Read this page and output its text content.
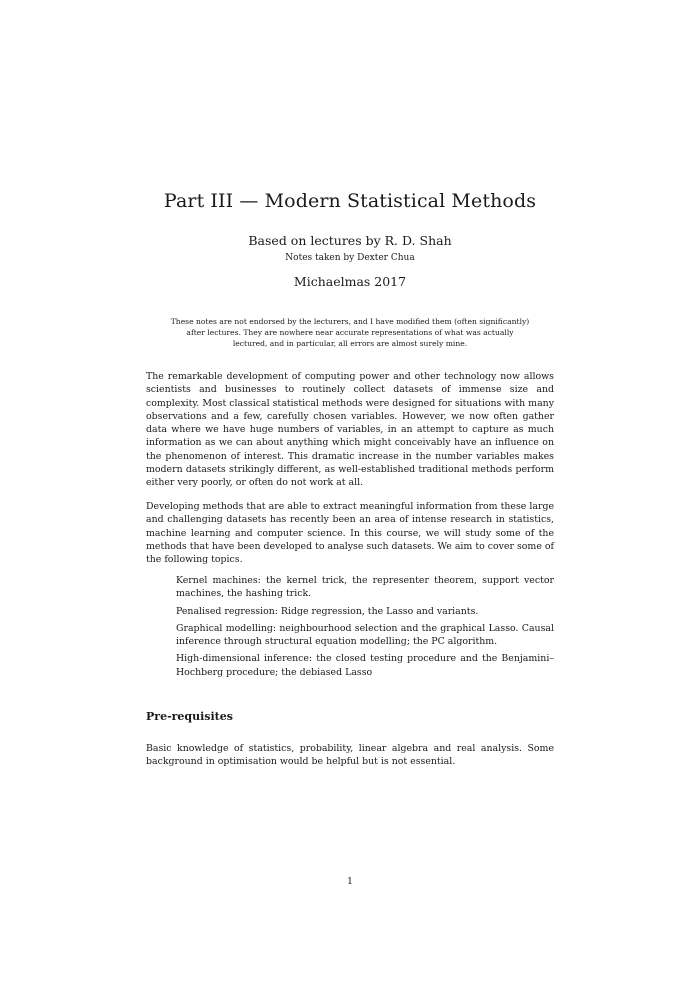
Part III — Modern Statistical Methods
Based on lectures by R. D. Shah
Notes taken by Dexter Chua
Michaelmas 2017
These notes are not endorsed by the lecturers, and I have modified them (often significantly) after lectures. They are nowhere near accurate representations of what was actually lectured, and in particular, all errors are almost surely mine.
The remarkable development of computing power and other technology now allows scientists and businesses to routinely collect datasets of immense size and complexity. Most classical statistical methods were designed for situations with many observations and a few, carefully chosen variables. However, we now often gather data where we have huge numbers of variables, in an attempt to capture as much information as we can about anything which might conceivably have an influence on the phenomenon of interest. This dramatic increase in the number variables makes modern datasets strikingly different, as well-established traditional methods perform either very poorly, or often do not work at all.
Developing methods that are able to extract meaningful information from these large and challenging datasets has recently been an area of intense research in statistics, machine learning and computer science. In this course, we will study some of the methods that have been developed to analyse such datasets. We aim to cover some of the following topics.
Kernel machines: the kernel trick, the representer theorem, support vector machines, the hashing trick.
Penalised regression: Ridge regression, the Lasso and variants.
Graphical modelling: neighbourhood selection and the graphical Lasso. Causal inference through structural equation modelling; the PC algorithm.
High-dimensional inference: the closed testing procedure and the Benjamini–Hochberg procedure; the debiased Lasso
Pre-requisites
Basic knowledge of statistics, probability, linear algebra and real analysis. Some background in optimisation would be helpful but is not essential.
1
